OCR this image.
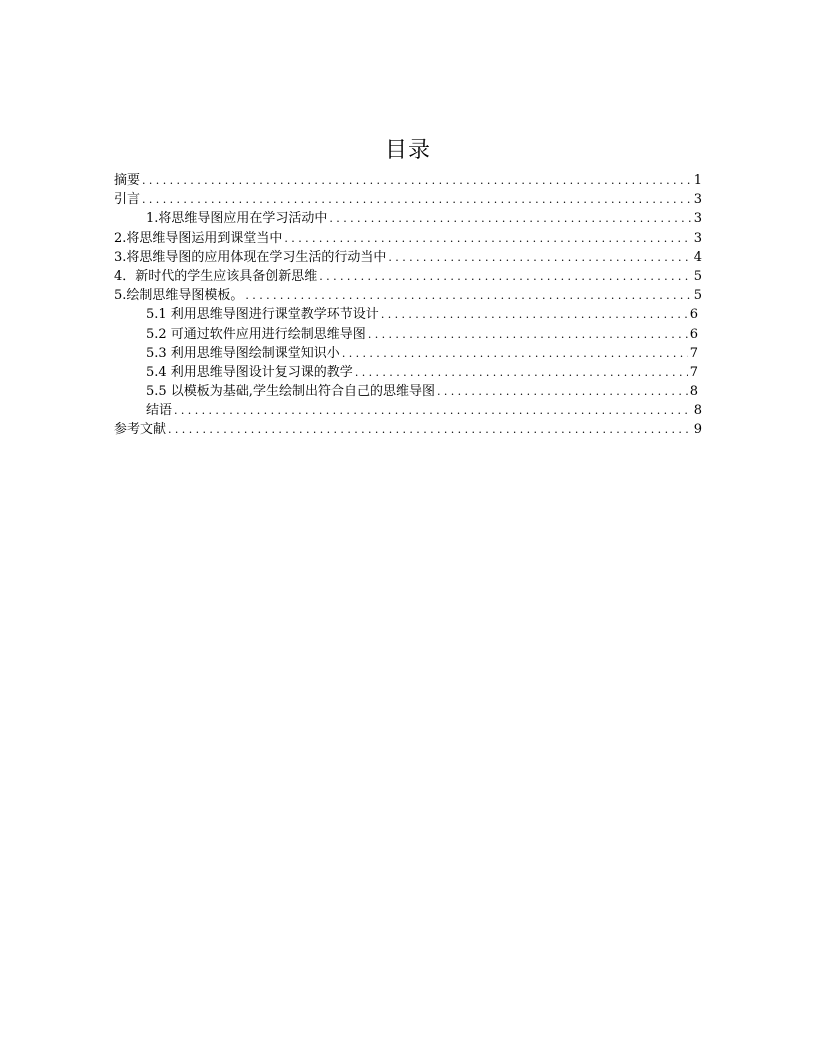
目录
摘要 .....	1
引言 .....	3
1.将思维导图应用在学习活动中 .....	3
2.将思维导图运用到课堂当中 .....	3
3.将思维导图的应用体现在学习生活的行动当中 .....	4
4．新时代的学生应该具备创新思维 .....	5
5.绘制思维导图模板。 .....	5
5.1 利用思维导图进行课堂教学环节设计 .....	6
5.2 可通过软件应用进行绘制思维导图 .....	6
5.3 利用思维导图绘制课堂知识小 .....	7
5.4 利用思维导图设计复习课的教学 .....	7
5.5 以模板为基础,学生绘制出符合自己的思维导图 .....	8
结语 .....	8
参考文献 .....	9
